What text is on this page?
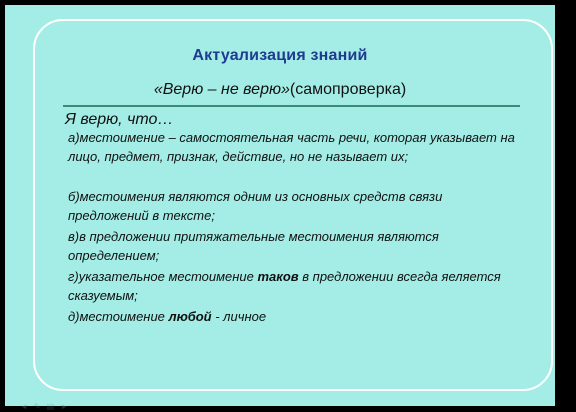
Актуализация знаний
«Верю – не верю»(самопроверка)
Я верю, что…
а)местоимение – самостоятельная часть речи, которая указывает на лицо, предмет, признак, действие, но не называет их;
б)местоимения являются одним из основных средств связи предложений в тексте;
в)в предложении притяжательные местоимения являются определением;
г)указательное местоимение таков в предложении всегда яеляется сказуемым;
д)местоимение любой - личное
◄ ✎ ▤ ►
